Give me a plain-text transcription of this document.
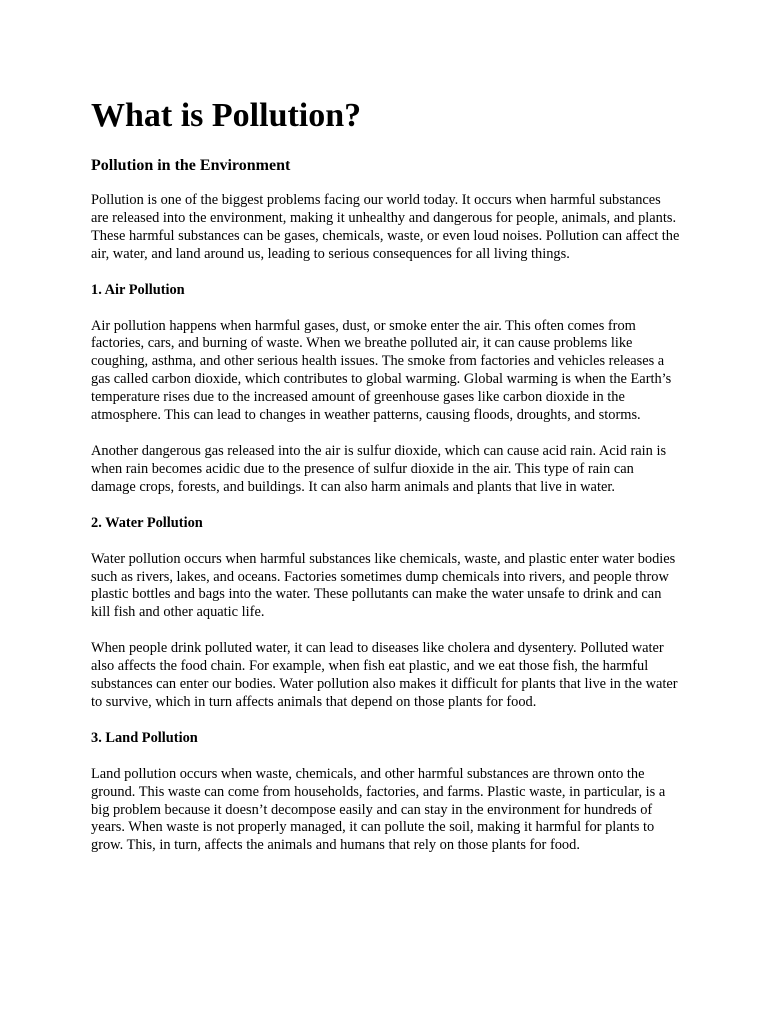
What is Pollution?
Pollution in the Environment

Pollution is one of the biggest problems facing our world today. It occurs when harmful substances are released into the environment, making it unhealthy and dangerous for people, animals, and plants. These harmful substances can be gases, chemicals, waste, or even loud noises. Pollution can affect the air, water, and land around us, leading to serious consequences for all living things.

1. Air Pollution

Air pollution happens when harmful gases, dust, or smoke enter the air. This often comes from factories, cars, and burning of waste. When we breathe polluted air, it can cause problems like coughing, asthma, and other serious health issues. The smoke from factories and vehicles releases a gas called carbon dioxide, which contributes to global warming. Global warming is when the Earth’s temperature rises due to the increased amount of greenhouse gases like carbon dioxide in the atmosphere. This can lead to changes in weather patterns, causing floods, droughts, and storms.

Another dangerous gas released into the air is sulfur dioxide, which can cause acid rain. Acid rain is when rain becomes acidic due to the presence of sulfur dioxide in the air. This type of rain can damage crops, forests, and buildings. It can also harm animals and plants that live in water.

2. Water Pollution

Water pollution occurs when harmful substances like chemicals, waste, and plastic enter water bodies such as rivers, lakes, and oceans. Factories sometimes dump chemicals into rivers, and people throw plastic bottles and bags into the water. These pollutants can make the water unsafe to drink and can kill fish and other aquatic life.

When people drink polluted water, it can lead to diseases like cholera and dysentery. Polluted water also affects the food chain. For example, when fish eat plastic, and we eat those fish, the harmful substances can enter our bodies. Water pollution also makes it difficult for plants that live in the water to survive, which in turn affects animals that depend on those plants for food.

3. Land Pollution

Land pollution occurs when waste, chemicals, and other harmful substances are thrown onto the ground. This waste can come from households, factories, and farms. Plastic waste, in particular, is a big problem because it doesn’t decompose easily and can stay in the environment for hundreds of years. When waste is not properly managed, it can pollute the soil, making it harmful for plants to grow. This, in turn, affects the animals and humans that rely on those plants for food.
